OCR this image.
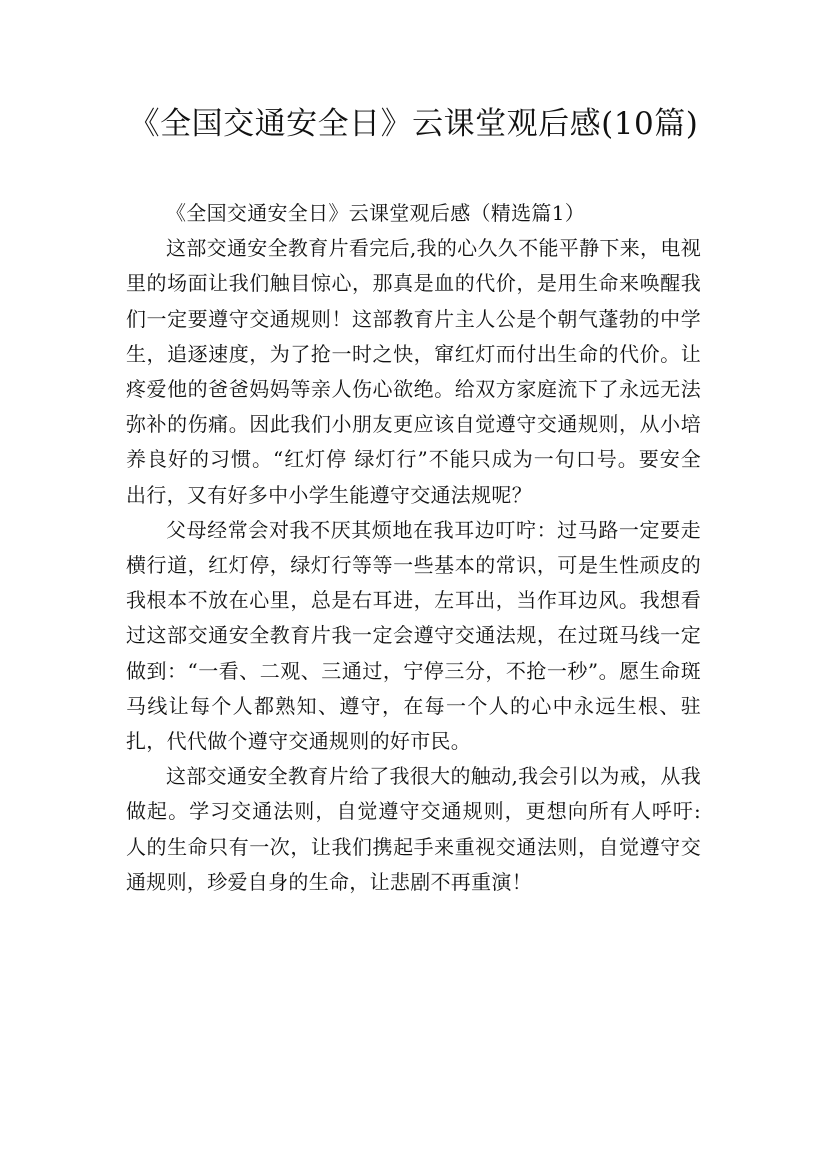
《全国交通安全日》云课堂观后感(10篇)

《全国交通安全日》云课堂观后感（精选篇1）

这部交通安全教育片看完后,我的心久久不能平静下来，电视里的场面让我们触目惊心，那真是血的代价，是用生命来唤醒我们一定要遵守交通规则！这部教育片主人公是个朝气蓬勃的中学生，追逐速度，为了抢一时之快，窜红灯而付出生命的代价。让疼爱他的爸爸妈妈等亲人伤心欲绝。给双方家庭流下了永远无法弥补的伤痛。因此我们小朋友更应该自觉遵守交通规则，从小培养良好的习惯。“红灯停 绿灯行”不能只成为一句口号。要安全出行，又有好多中小学生能遵守交通法规呢？

父母经常会对我不厌其烦地在我耳边叮咛：过马路一定要走横行道，红灯停，绿灯行等等一些基本的常识，可是生性顽皮的我根本不放在心里，总是右耳进，左耳出，当作耳边风。我想看过这部交通安全教育片我一定会遵守交通法规，在过斑马线一定做到：“一看、二观、三通过，宁停三分，不抢一秒”。愿生命斑马线让每个人都熟知、遵守，在每一个人的心中永远生根、驻扎，代代做个遵守交通规则的好市民。

这部交通安全教育片给了我很大的触动,我会引以为戒，从我做起。学习交通法则，自觉遵守交通规则，更想向所有人呼吁:人的生命只有一次，让我们携起手来重视交通法则，自觉遵守交通规则，珍爱自身的生命，让悲剧不再重演！
